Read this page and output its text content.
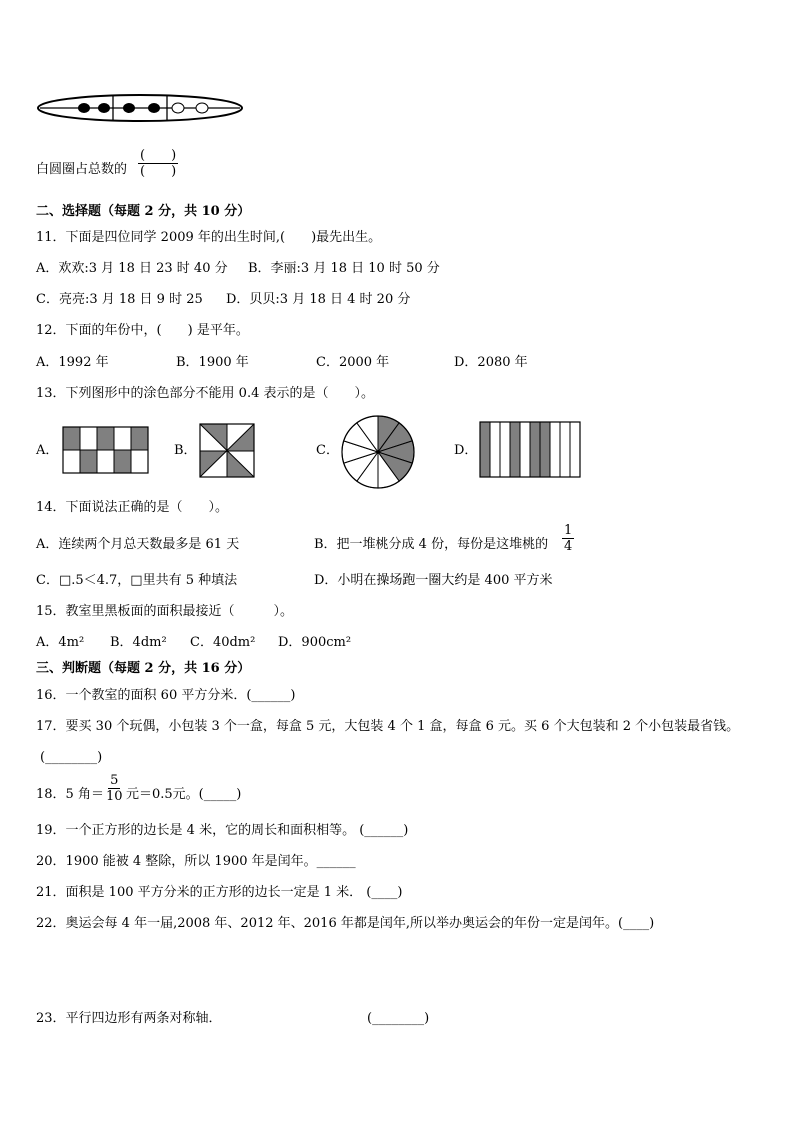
白圆圈占总数的
(　　)
(　　)
二、选择题（每题 2 分，共 10 分）
11．下面是四位同学 2009 年的出生时间,(　　)最先出生。
A．欢欢:3 月 18 日 23 时 40 分 B．李丽:3 月 18 日 10 时 50 分
C．亮亮:3 月 18 日 9 时 25 D．贝贝:3 月 18 日 4 时 20 分
12．下面的年份中，(　　) 是平年。
A．1992 年	B．1900 年	C．2000 年	D．2080 年
13．下列图形中的涂色部分不能用 0.4 表示的是（　　）。
A．	B．	C．	D．
14．下面说法正确的是（　　）。
A．连续两个月总天数最多是 61 天	B．把一堆桃分成 4 份，每份是这堆桃的 $\frac{1}{4}$
C．□.5＜4.7，□里共有 5 种填法	D．小明在操场跑一圈大约是 400 平方米
15．教室里黑板面的面积最接近（　　　）。
A．4m² B．4dm² C．40dm² D．900cm²
三、判断题（每题 2 分，共 16 分）
16．一个教室的面积 60 平方分米．(______)
17．要买 30 个玩偶，小包装 3 个一盒，每盒 5 元，大包装 4 个 1 盒，每盒 6 元。买 6 个大包装和 2 个小包装最省钱。
(________)
18．5 角＝ $\frac{5}{10}$ 元＝0.5元。(_____)
19．一个正方形的边长是 4 米，它的周长和面积相等。 (______)
20．1900 能被 4 整除，所以 1900 年是闰年。______
21．面积是 100 平方分米的正方形的边长一定是 1 米． (____)
22．奥运会每 4 年一届,2008 年、2012 年、2016 年都是闰年,所以举办奥运会的年份一定是闰年。(____)
23．平行四边形有两条对称轴．	(________)
